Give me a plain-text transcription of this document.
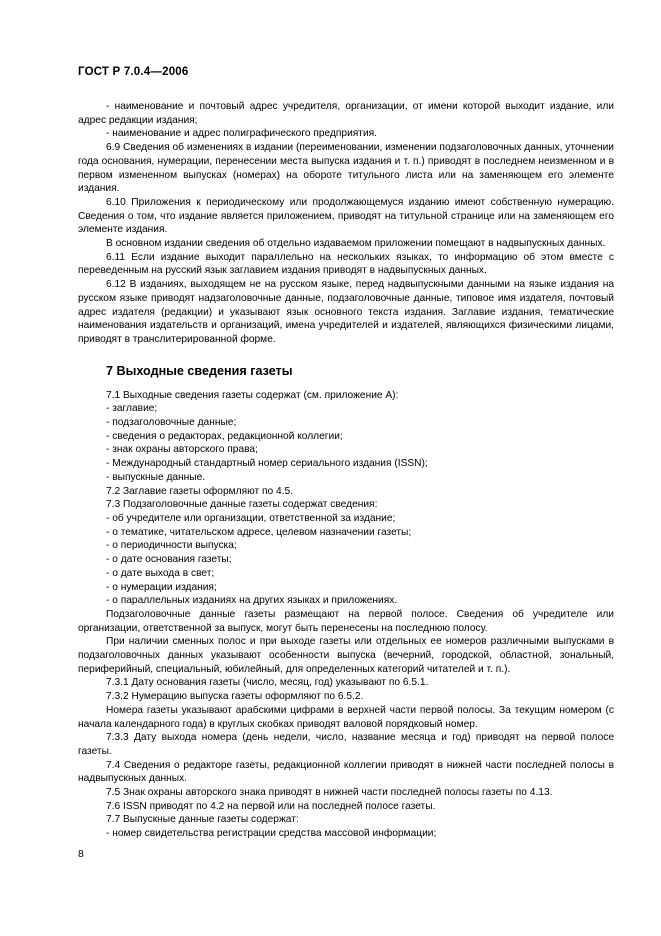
ГОСТ Р 7.0.4—2006

- наименование и почтовый адрес учредителя, организации, от имени которой выходит издание, или адрес редакции издания;

- наименование и адрес полиграфического предприятия.

6.9 Сведения об изменениях в издании (переименовании, изменении подзаголовочных данных, уточнении года основания, нумерации, перенесении места выпуска издания и т. п.) приводят в последнем неизменном и в первом измененном выпусках (номерах) на обороте титульного листа или на заменяющем его элементе издания.

6.10 Приложения к периодическому или продолжающемуся изданию имеют собственную нумерацию. Сведения о том, что издание является приложением, приводят на титульной странице или на заменяющем его элементе издания.

В основном издании сведения об отдельно издаваемом приложении помещают в надвыпускных данных.

6.11 Если издание выходит параллельно на нескольких языках, то информацию об этом вместе с переведенным на русский язык заглавием издания приводят в надвыпускных данных.

6.12 В изданиях, выходящем не на русском языке, перед надвыпускными данными на языке издания на русском языке приводят надзаголовочные данные, подзаголовочные данные, типовое имя издателя, почтовый адрес издателя (редакции) и указывают язык основного текста издания. Заглавие издания, тематические наименования издательств и организаций, имена учредителей и издателей, являющихся физическими лицами, приводят в транслитерированной форме.

7 Выходные сведения газеты

7.1 Выходные сведения газеты содержат (см. приложение А):

- заглавие;

- подзаголовочные данные;

- сведения о редакторах, редакционной коллегии;

- знак охраны авторского права;

- Международный стандартный номер сериального издания (ISSN);

- выпускные данные.

7.2 Заглавие газеты оформляют по 4.5.

7.3 Подзаголовочные данные газеты содержат сведения:

- об учредителе или организации, ответственной за издание;

- о тематике, читательском адресе, целевом назначении газеты;

- о периодичности выпуска;

- о дате основания газеты;

- о дате выхода в свет;

- о нумерации издания;

- о параллельных изданиях на других языках и приложениях.

Подзаголовочные данные газеты размещают на первой полосе. Сведения об учредителе или организации, ответственной за выпуск, могут быть перенесены на последнюю полосу.

При наличии сменных полос и при выходе газеты или отдельных ее номеров различными выпусками в подзаголовочных данных указывают особенности выпуска (вечерний, городской, областной, зональный, периферийный, специальный, юбилейный, для определенных категорий читателей и т. п.).

7.3.1 Дату основания газеты (число, месяц, год) указывают по 6.5.1.

7.3.2 Нумерацию выпуска газеты оформляют по 6.5.2.

Номера газеты указывают арабскими цифрами в верхней части первой полосы. За текущим номером (с начала календарного года) в круглых скобках приводят валовой порядковый номер.

7.3.3 Дату выхода номера (день недели, число, название месяца и год) приводят на первой полосе газеты.

7.4 Сведения о редакторе газеты, редакционной коллегии приводят в нижней части последней полосы в надвыпускных данных.

7.5 Знак охраны авторского знака приводят в нижней части последней полосы газеты по 4.13.

7.6 ISSN приводят по 4.2 на первой или на последней полосе газеты.

7.7 Выпускные данные газеты содержат:

- номер свидетельства регистрации средства массовой информации;

8
